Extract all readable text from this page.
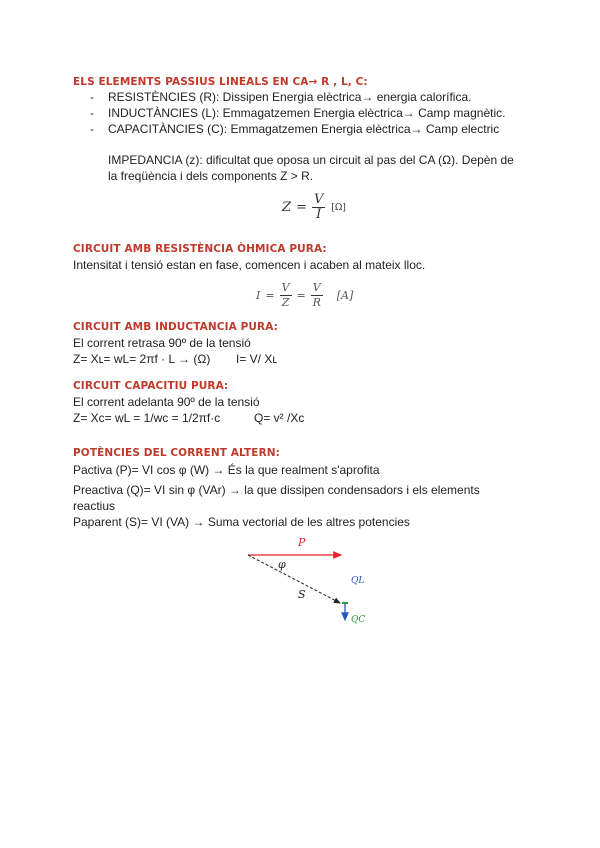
ELS ELEMENTS PASSIUS LINEALS EN CA→ R , L, C:
- RESISTÈNCIES (R): Dissipen Energia elèctrica→ energia calorífica.
- INDUCTÀNCIES (L): Emmagatzemen Energia elèctrica→ Camp magnètic.
- CAPACITÀNCIES (C): Emmagatzemen Energia elèctrica→ Camp electric
IMPEDANCIA (z): dificultat que oposa un circuit al pas del CA (Ω). Depèn de
la freqüència i dels components Z > R.
$Z = \frac{V}{I} [\Omega]$
CIRCUIT AMB RESISTÈNCIA ÒHMICA PURA:
Intensitat i tensió estan en fase, comencen i acaben al mateix lloc.
$I = \frac{V}{Z} = \frac{V}{R} [A]$
CIRCUIT AMB INDUCTANCIA PURA:
El corrent retrasa 90º de la tensió
Z= Xʟ= wL= 2πf · L → (Ω) I= V/ Xʟ
CIRCUIT CAPACITIU PURA:
El corrent adelanta 90º de la tensió
Z= Xc= wL = 1/wc = 1/2πf·c	Q= v² /Xc
POTÈNCIES DEL CORRENT ALTERN:
Pactiva (P)= VI cos φ (W) → És la que realment s'aprofita
Preactiva (Q)= VI sin φ (VAr) → la que dissipen condensadors i els elements
reactius
Paparent (S)= VI (VA) → Suma vectorial de les altres potencies
P
φ
S
QL
QC
